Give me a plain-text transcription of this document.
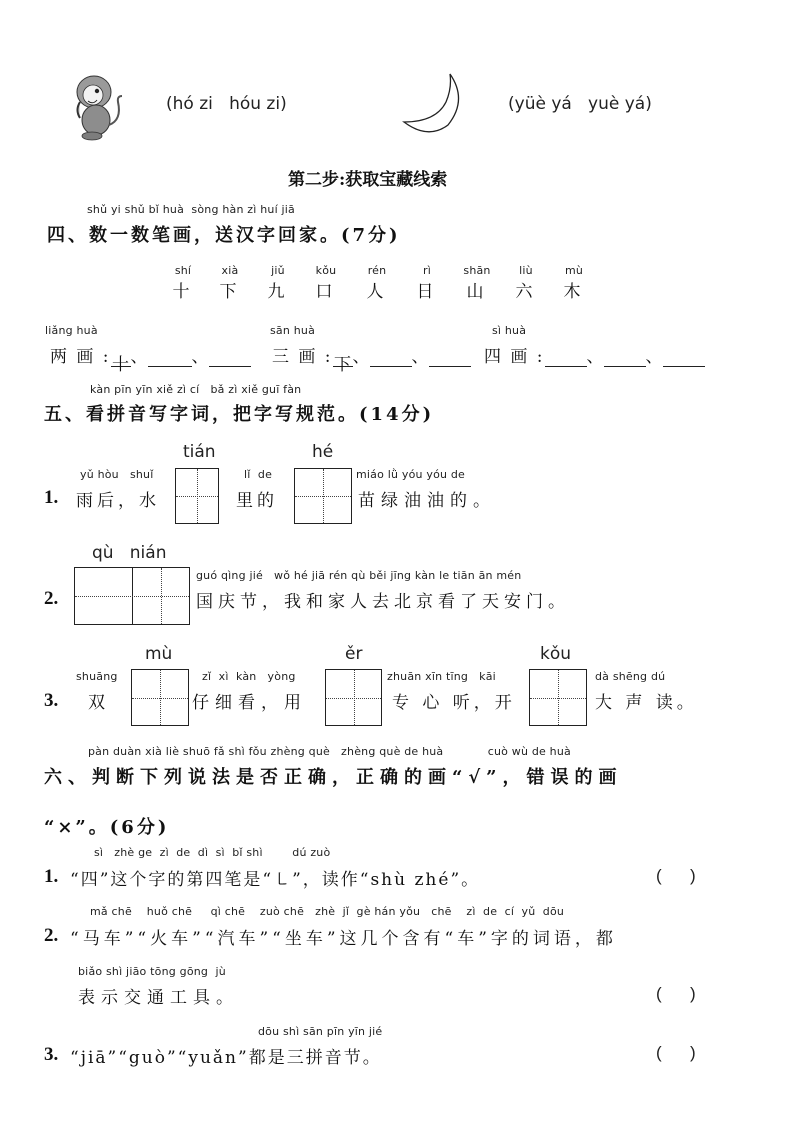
(hó zi   hóu zi)	(yüè yá   yuè yá)
第二步:获取宝藏线索
shǔ yi shǔ bǐ huà  sòng hàn zì huí jiā
四、数一数笔画，送汉字回家。(7分)
shí
十
xià
下
jiǔ
九
kǒu
口
rén
人
rì
日
shān
山
liù
六
mù
木
liǎng huà
两 画 :十、	、
sān huà
三 画 :下、 、
sì huà
四 画 : 、 、
kàn pīn yīn xiě zì cí   bǎ zì xiě guī fàn
五、看拼音写字词，把字写规范。(14分)
1.
yǔ hòu   shuǐ
雨后，水
tián
lǐ  de
里的
hé
miáo lǜ yóu yóu de
苗绿油油的。
qù   nián
2.
guó qìng jié   wǒ hé jiā rén qù běi jīng kàn le tiān ān mén
国庆节，我和家人去北京看了天安门。
3.
shuāng
双
mù
zǐ  xì  kàn   yòng
仔细看，用
ěr
zhuān xīn tīng   kāi
专 心 听，开
kǒu
dà shēng dú
大 声 读。
pàn duàn xià liè shuō fǎ shì fǒu zhèng què   zhèng què de huà            cuò wù de huà
六、判断下列说法是否正确，正确的画“√”，错误的画
“×”。(6分)
sì   zhè ge  zì  de  dì  sì  bǐ shì        dú zuò
1. “四”这个字的第四笔是“㇄”，读作“shù zhé”。	(      )
mǎ chē    huǒ chē     qì chē    zuò chē   zhè  jǐ  gè hán yǒu   chē    zì  de  cí  yǔ  dōu
2. “马车”“火车”“汽车”“坐车”这几个含有“车”字的词语，都
biǎo shì jiāo tōng gōng  jù
表示交通工具。	(      )
dōu shì sān pīn yīn jié
3. “jiā”“guò”“yuǎn”都是三拼音节。	(      )
